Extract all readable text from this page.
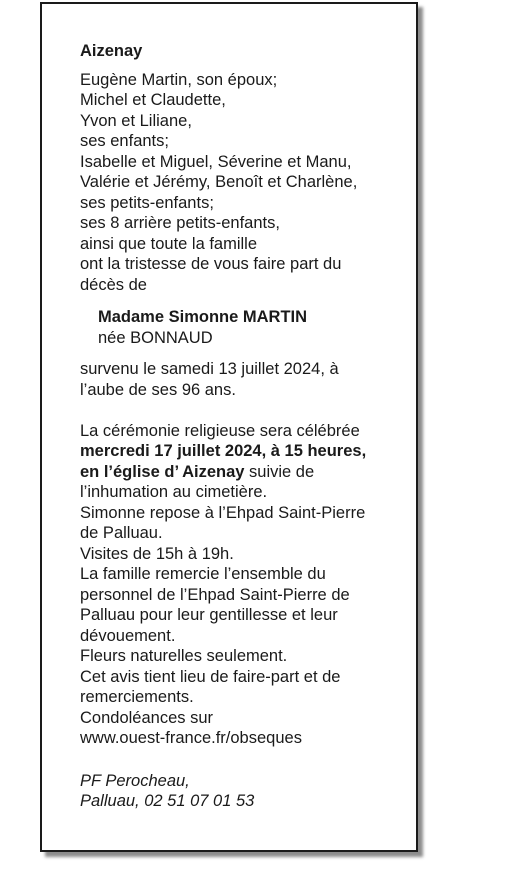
Aizenay
Eugène Martin, son époux;
Michel et Claudette,
Yvon et Liliane,
ses enfants;
Isabelle et Miguel, Séverine et Manu,
Valérie et Jérémy, Benoît et Charlène,
ses petits-enfants;
ses 8 arrière petits-enfants,
ainsi que toute la famille
ont la tristesse de vous faire part du
décès de
Madame Simonne MARTIN
née BONNAUD
survenu le samedi 13 juillet 2024, à
l’aube de ses 96 ans.
La cérémonie religieuse sera célébrée
mercredi 17 juillet 2024, à 15 heures,
en l’église d’ Aizenay suivie de
l’inhumation au cimetière.
Simonne repose à l’Ehpad Saint-Pierre
de Palluau.
Visites de 15h à 19h.
La famille remercie l’ensemble du
personnel de l’Ehpad Saint-Pierre de
Palluau pour leur gentillesse et leur
dévouement.
Fleurs naturelles seulement.
Cet avis tient lieu de faire-part et de
remerciements.
Condoléances sur
www.ouest-france.fr/obseques
PF Perocheau,
Palluau, 02 51 07 01 53
